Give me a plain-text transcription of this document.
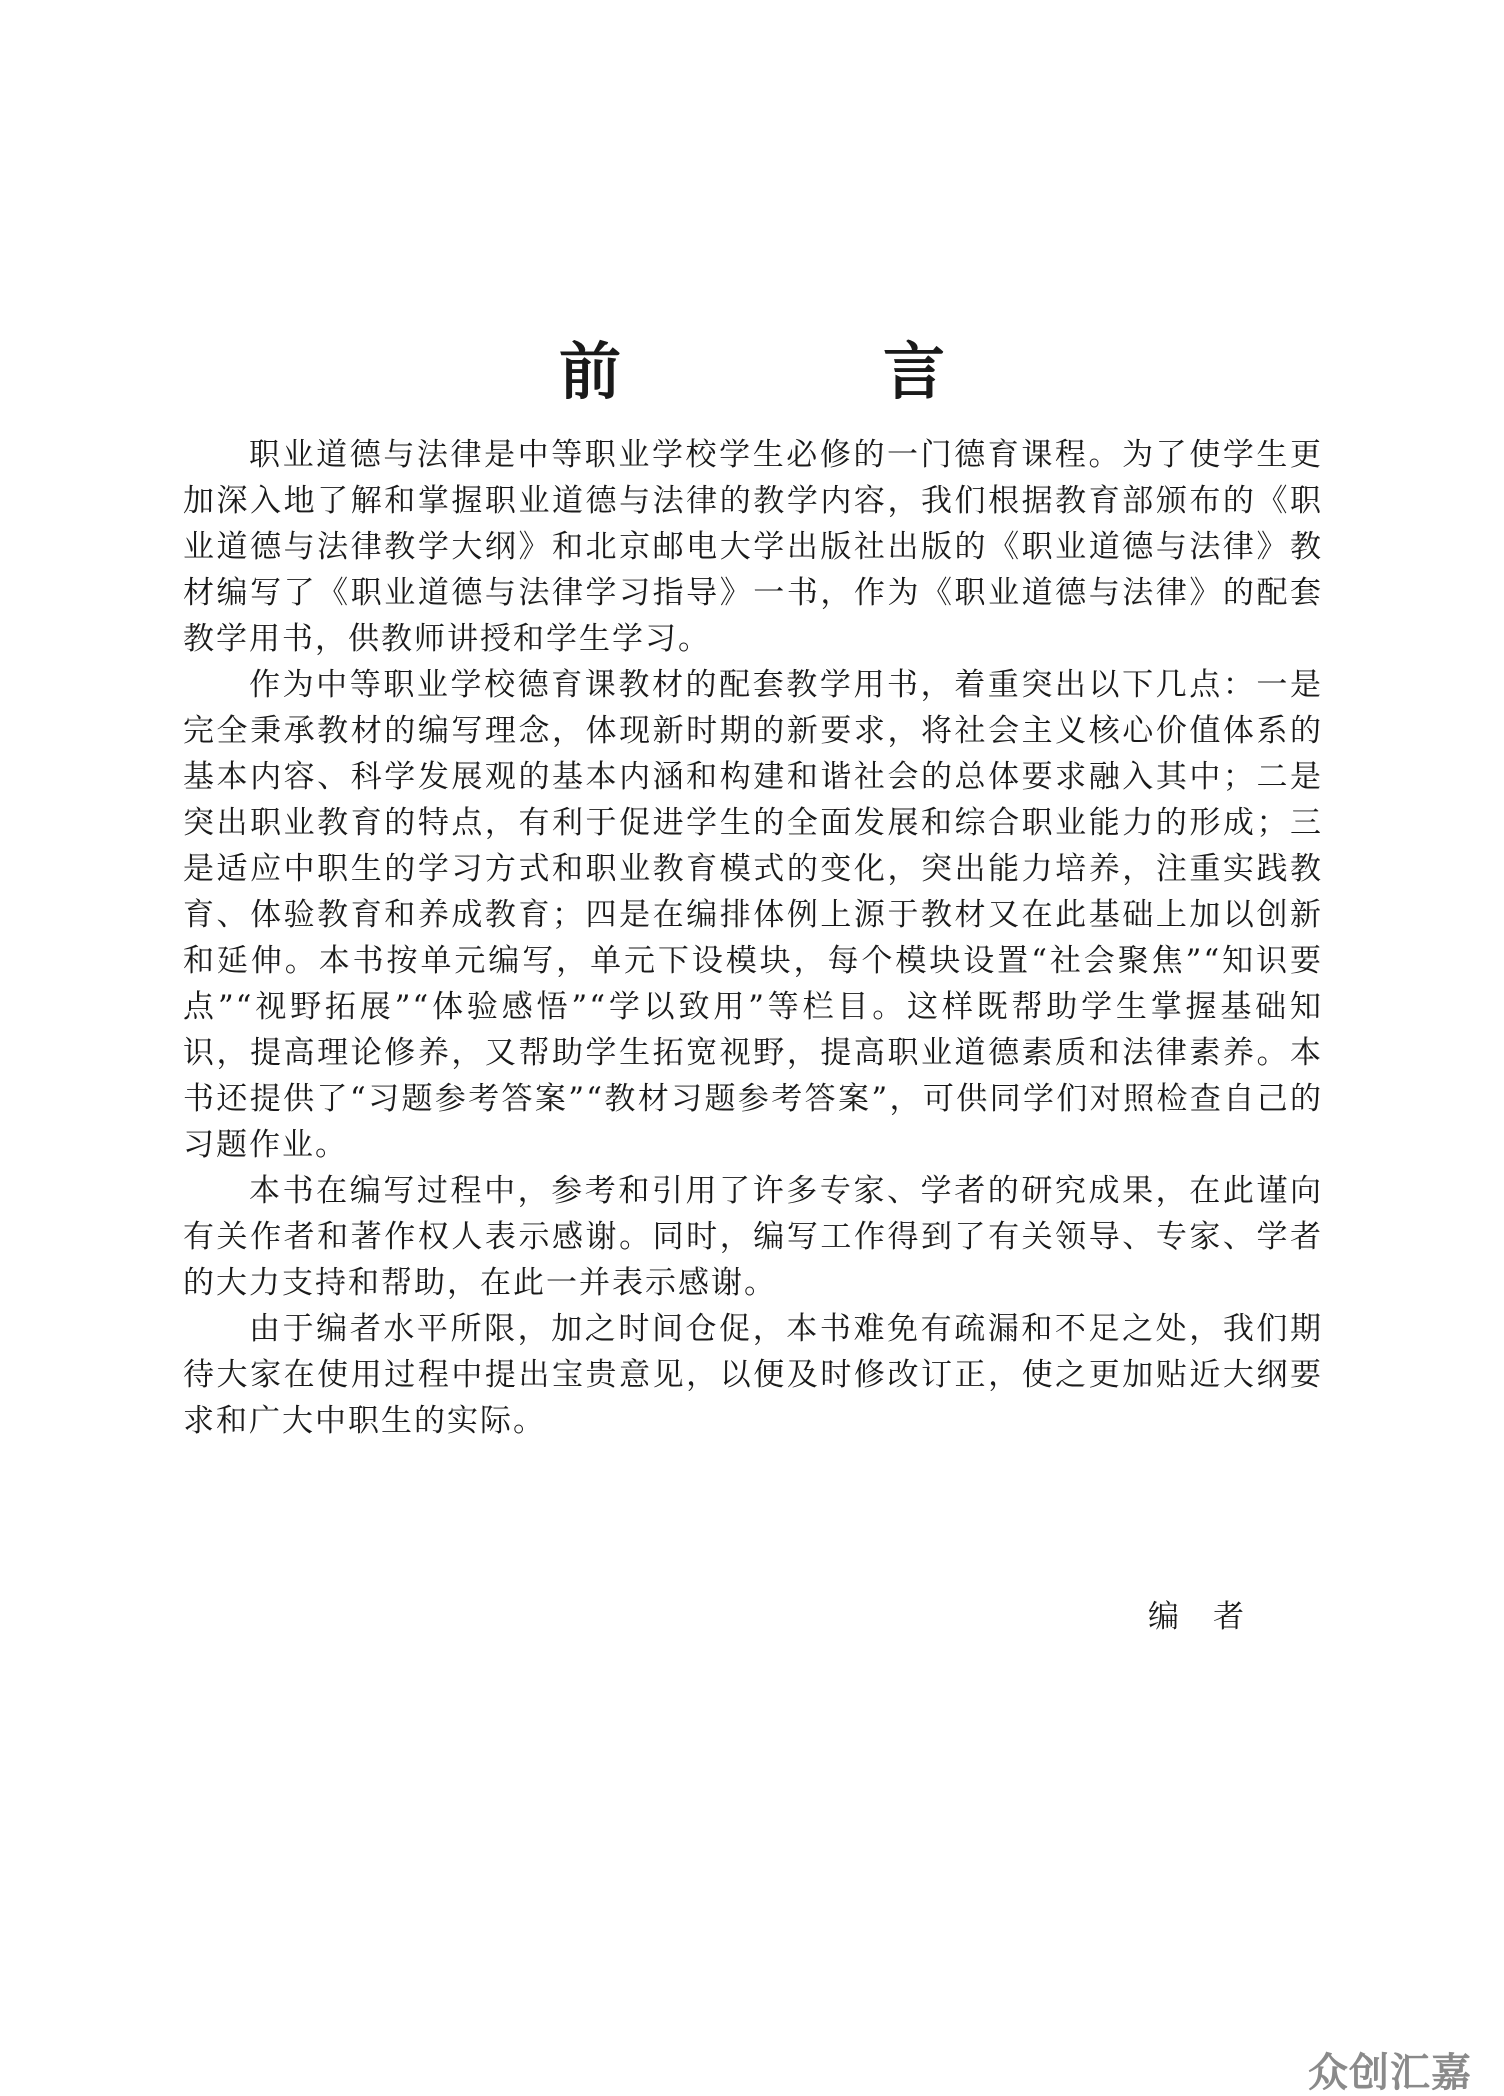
前　言

职业道德与法律是中等职业学校学生必修的一门德育课程。为了使学生更加深入地了解和掌握职业道德与法律的教学内容，我们根据教育部颁布的《职业道德与法律教学大纲》和北京邮电大学出版社出版的《职业道德与法律》教材编写了《职业道德与法律学习指导》一书，作为《职业道德与法律》的配套教学用书，供教师讲授和学生学习。

作为中等职业学校德育课教材的配套教学用书，着重突出以下几点：一是完全秉承教材的编写理念，体现新时期的新要求，将社会主义核心价值体系的基本内容、科学发展观的基本内涵和构建和谐社会的总体要求融入其中；二是突出职业教育的特点，有利于促进学生的全面发展和综合职业能力的形成；三是适应中职生的学习方式和职业教育模式的变化，突出能力培养，注重实践教育、体验教育和养成教育；四是在编排体例上源于教材又在此基础上加以创新和延伸。本书按单元编写，单元下设模块，每个模块设置“社会聚焦”“知识要点”“视野拓展”“体验感悟”“学以致用”等栏目。这样既帮助学生掌握基础知识，提高理论修养，又帮助学生拓宽视野，提高职业道德素质和法律素养。本书还提供了“习题参考答案”“教材习题参考答案”，可供同学们对照检查自己的习题作业。

本书在编写过程中，参考和引用了许多专家、学者的研究成果，在此谨向有关作者和著作权人表示感谢。同时，编写工作得到了有关领导、专家、学者的大力支持和帮助，在此一并表示感谢。

由于编者水平所限，加之时间仓促，本书难免有疏漏和不足之处，我们期待大家在使用过程中提出宝贵意见，以便及时修改订正，使之更加贴近大纲要求和广大中职生的实际。

编者
众创汇嘉
